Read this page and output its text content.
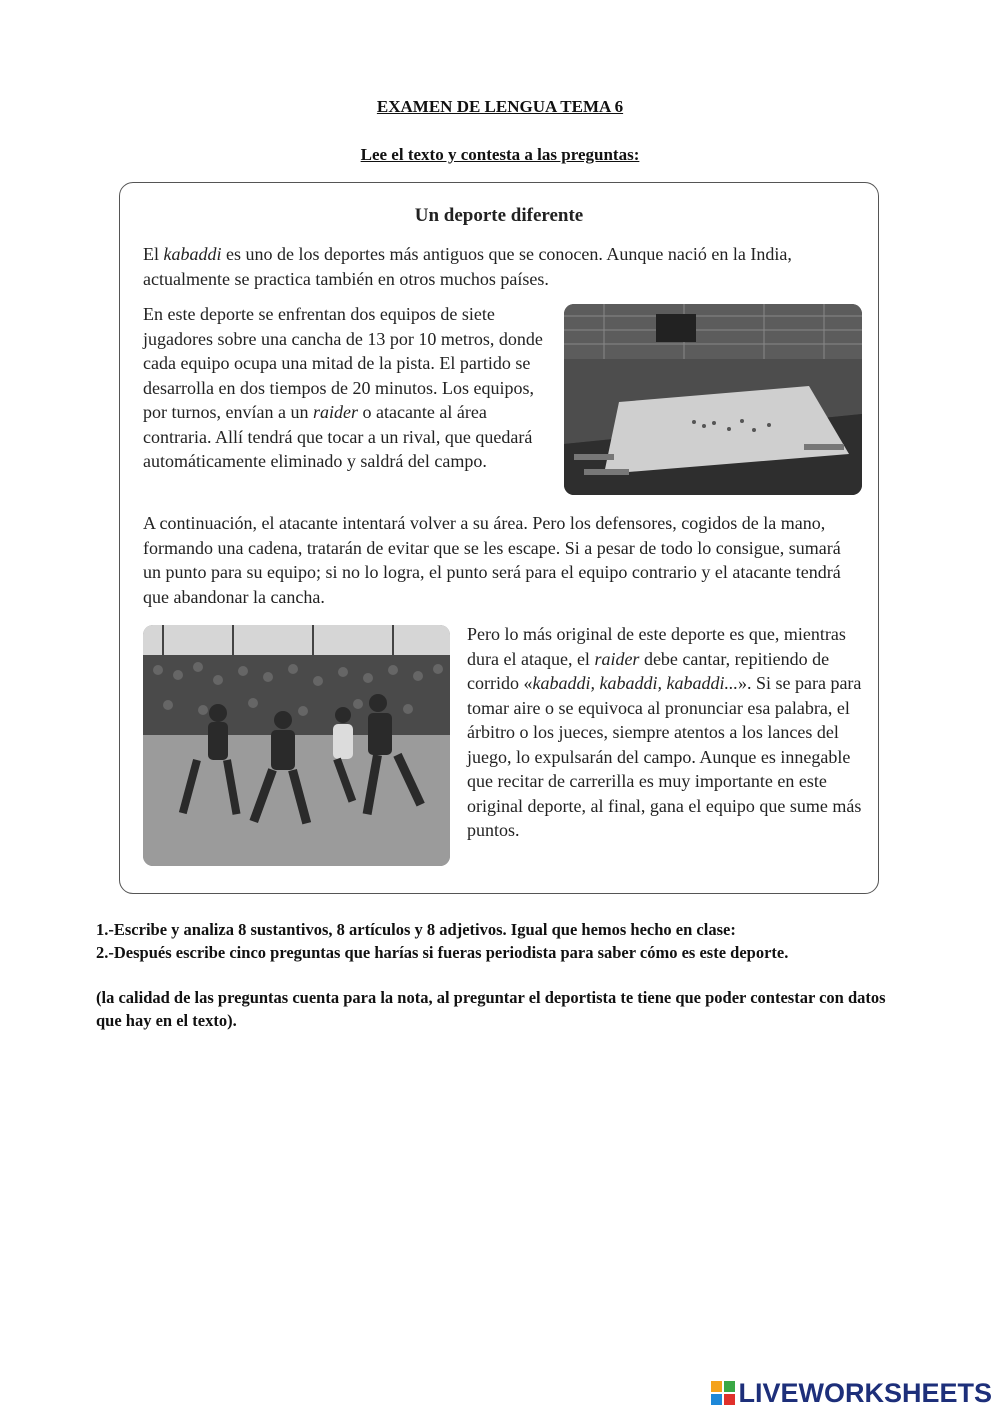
EXAMEN DE LENGUA TEMA 6
Lee el texto y contesta a las preguntas:
Un deporte diferente

El kabaddi es uno de los deportes más antiguos que se conocen. Aunque nació en la India, actualmente se practica también en otros muchos países.

En este deporte se enfrentan dos equipos de siete jugadores sobre una cancha de 13 por 10 metros, donde cada equipo ocupa una mitad de la pista. El partido se desarrolla en dos tiempos de 20 minutos. Los equipos, por turnos, envían a un raider o atacante al área contraria. Allí tendrá que tocar a un rival, que quedará automáticamente eliminado y saldrá del campo.

A continuación, el atacante intentará volver a su área. Pero los defensores, cogidos de la mano, formando una cadena, tratarán de evitar que se les escape. Si a pesar de todo lo consigue, sumará un punto para su equipo; si no lo logra, el punto será para el equipo contrario y el atacante tendrá que abandonar la cancha.

Pero lo más original de este deporte es que, mientras dura el ataque, el raider debe cantar, repitiendo de corrido «kabaddi, kabaddi, kabaddi...». Si se para para tomar aire o se equivoca al pronunciar esa palabra, el árbitro o los jueces, siempre atentos a los lances del juego, lo expulsarán del campo. Aunque es innegable que recitar de carrerilla es muy importante en este original deporte, al final, gana el equipo que sume más puntos.

1.-Escribe y analiza 8 sustantivos, 8 artículos y 8 adjetivos. Igual que hemos hecho en clase:

2.-Después escribe cinco preguntas que harías si fueras periodista para saber cómo es este deporte.

(la calidad de las preguntas cuenta para la nota, al preguntar el deportista te tiene que poder contestar con datos que hay en el texto).

LIVEWORKSHEETS
